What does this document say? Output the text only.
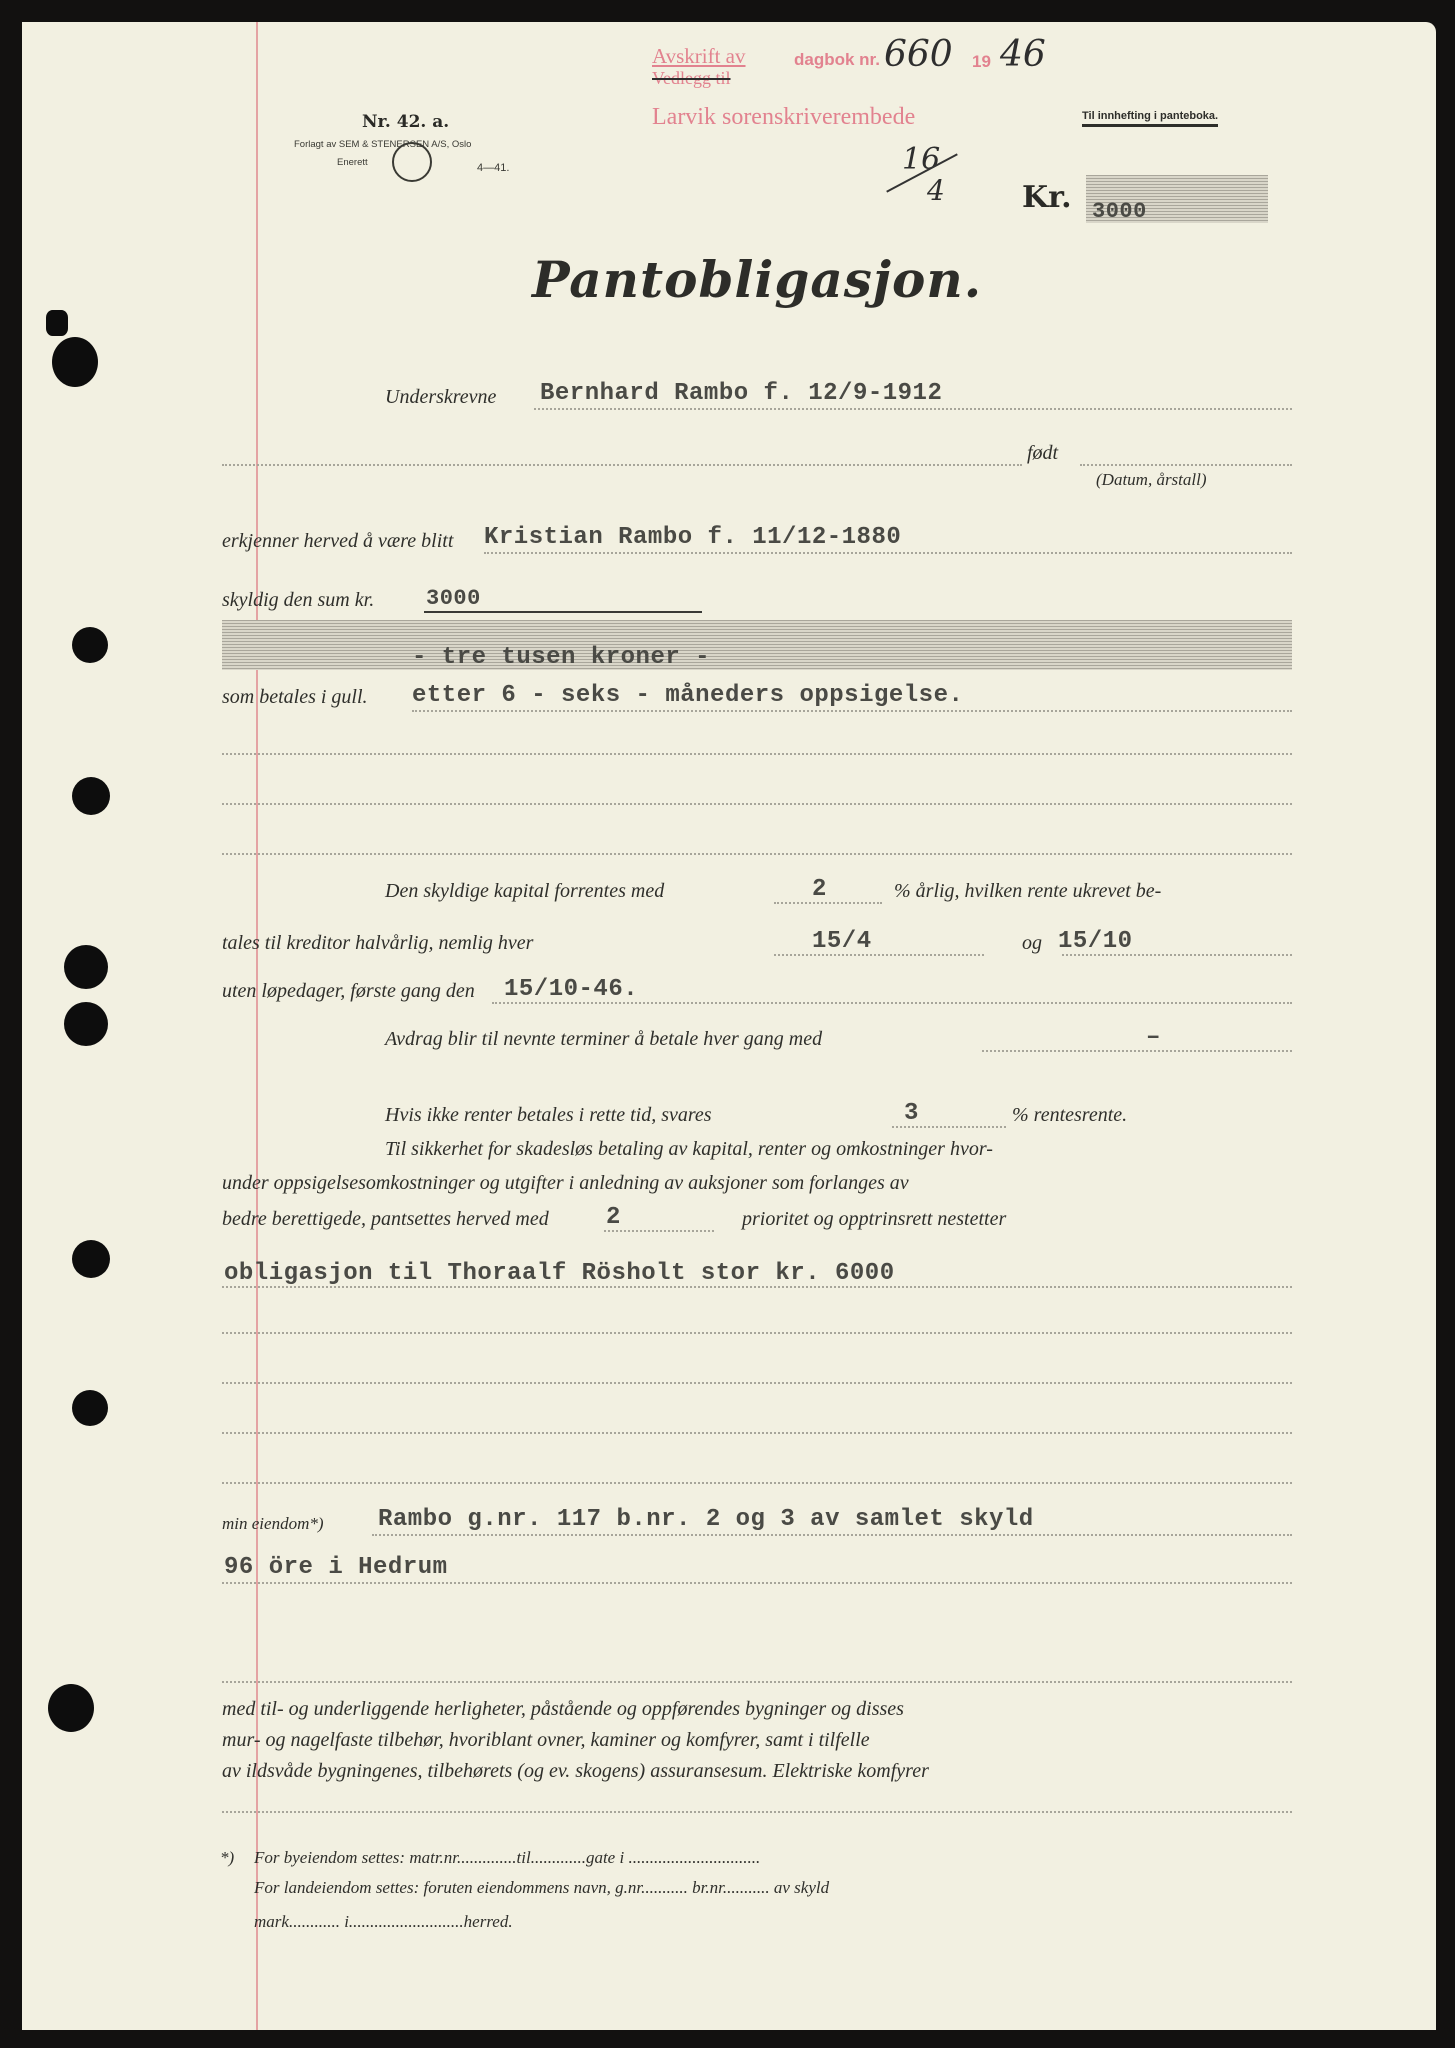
Nr. 42. a.
Forlagt av SEM & STENERSEN A/S, Oslo
Enerett	4—41.
Avskrift av
Vedlegg til
dagbok nr. 660 19 46
Larvik sorenskriverembede
16
4
Til innhefting i panteboka.
Kr. 3000
Pantobligasjon.
Underskrevne Bernhard Rambo f. 12/9-1912
født
(Datum, årstall)
erkjenner herved å være blitt Kristian Rambo f. 11/12-1880
skyldig den sum kr. 3000
- tre tusen kroner -
som betales i gull. etter 6 - seks - måneders oppsigelse.
Den skyldige kapital forrentes med	2	% årlig, hvilken rente ukrevet be-
tales til kreditor halvårlig, nemlig hver	15/4	og 15/10
uten løpedager, første gang den 15/10-46.
Avdrag blir til nevnte terminer å betale hver gang med	–
Hvis ikke renter betales i rette tid, svares	3	% rentesrente.
Til sikkerhet for skadesløs betaling av kapital, renter og omkostninger hvor-
under oppsigelsesomkostninger og utgifter i anledning av auksjoner som forlanges av
bedre berettigede, pantsettes herved med 2	prioritet og opptrinsrett nestetter
obligasjon til Thoraalf Rösholt stor kr. 6000
min eiendom*) Rambo g.nr. 117 b.nr. 2 og 3 av samlet skyld
96 öre i Hedrum
med til- og underliggende herligheter, påstående og oppførendes bygninger og disses
mur- og nagelfaste tilbehør, hvoriblant ovner, kaminer og komfyrer, samt i tilfelle
av ildsvåde bygningenes, tilbehørets (og ev. skogens) assuransesum. Elektriske komfyrer
*) For byeiendom settes: matr.nr..............til.............gate i ...............................
For landeiendom settes: foruten eiendommens navn, g.nr........... br.nr........... av skyld
mark............ i...........................herred.
